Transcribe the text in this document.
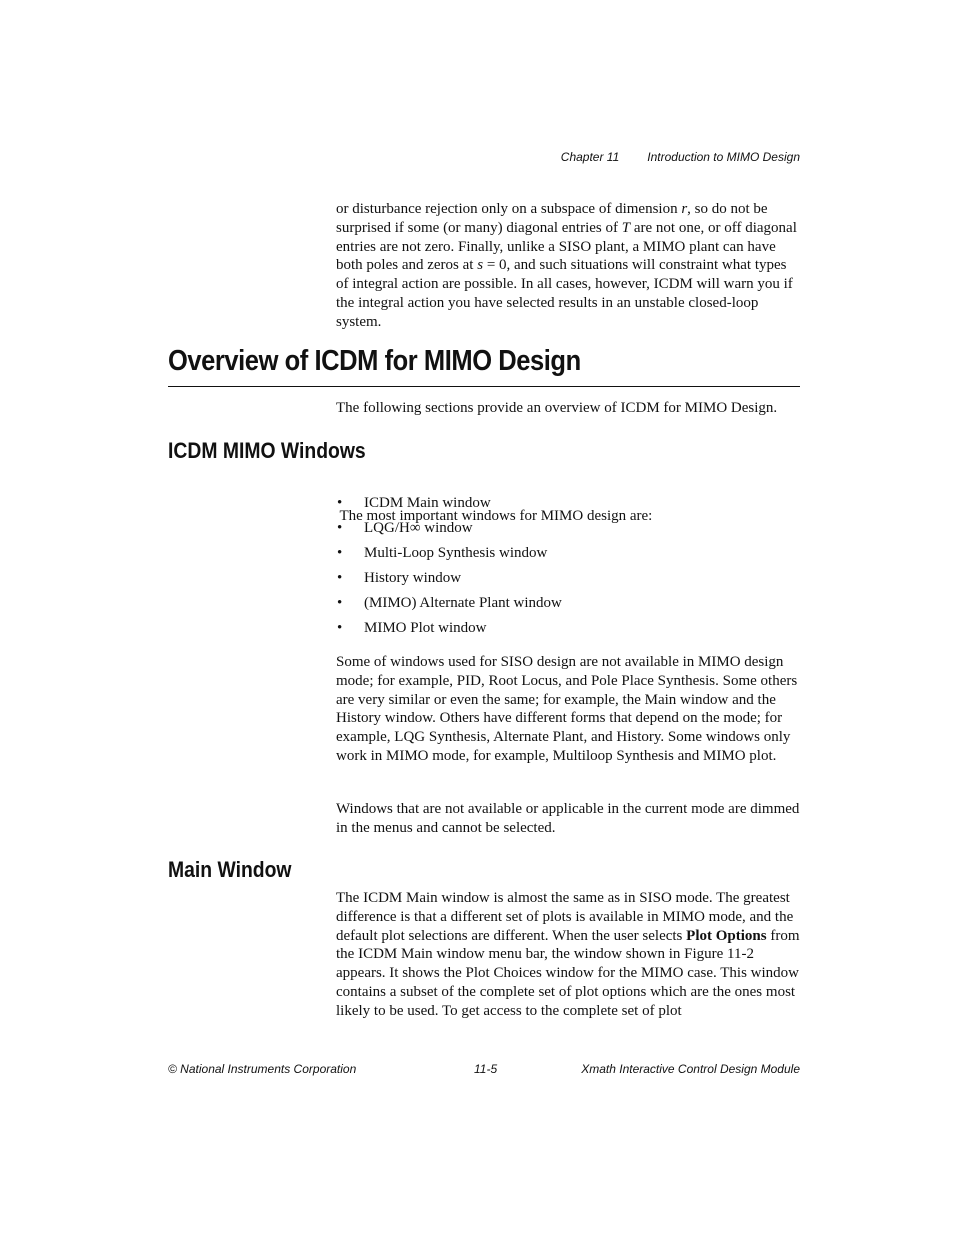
Chapter 11 Introduction to MIMO Design

or disturbance rejection only on a subspace of dimension r, so do not be surprised if some (or many) diagonal entries of T are not one, or off diagonal entries are not zero. Finally, unlike a SISO plant, a MIMO plant can have both poles and zeros at s = 0, and such situations will constraint what types of integral action are possible. In all cases, however, ICDM will warn you if the integral action you have selected results in an unstable closed-loop system.

Overview of ICDM for MIMO Design

The following sections provide an overview of ICDM for MIMO Design.

ICDM MIMO Windows

The most important windows for MIMO design are:

• ICDM Main window
• LQG/H∞ window
• Multi-Loop Synthesis window
• History window
• (MIMO) Alternate Plant window
• MIMO Plot window

Some of windows used for SISO design are not available in MIMO design mode; for example, PID, Root Locus, and Pole Place Synthesis. Some others are very similar or even the same; for example, the Main window and the History window. Others have different forms that depend on the mode; for example, LQG Synthesis, Alternate Plant, and History. Some windows only work in MIMO mode, for example, Multiloop Synthesis and MIMO plot.

Windows that are not available or applicable in the current mode are dimmed in the menus and cannot be selected.

Main Window

The ICDM Main window is almost the same as in SISO mode. The greatest difference is that a different set of plots is available in MIMO mode, and the default plot selections are different. When the user selects Plot Options from the ICDM Main window menu bar, the window shown in Figure 11-2 appears. It shows the Plot Choices window for the MIMO case. This window contains a subset of the complete set of plot options which are the ones most likely to be used. To get access to the complete set of plot

© National Instruments Corporation	11-5	Xmath Interactive Control Design Module
